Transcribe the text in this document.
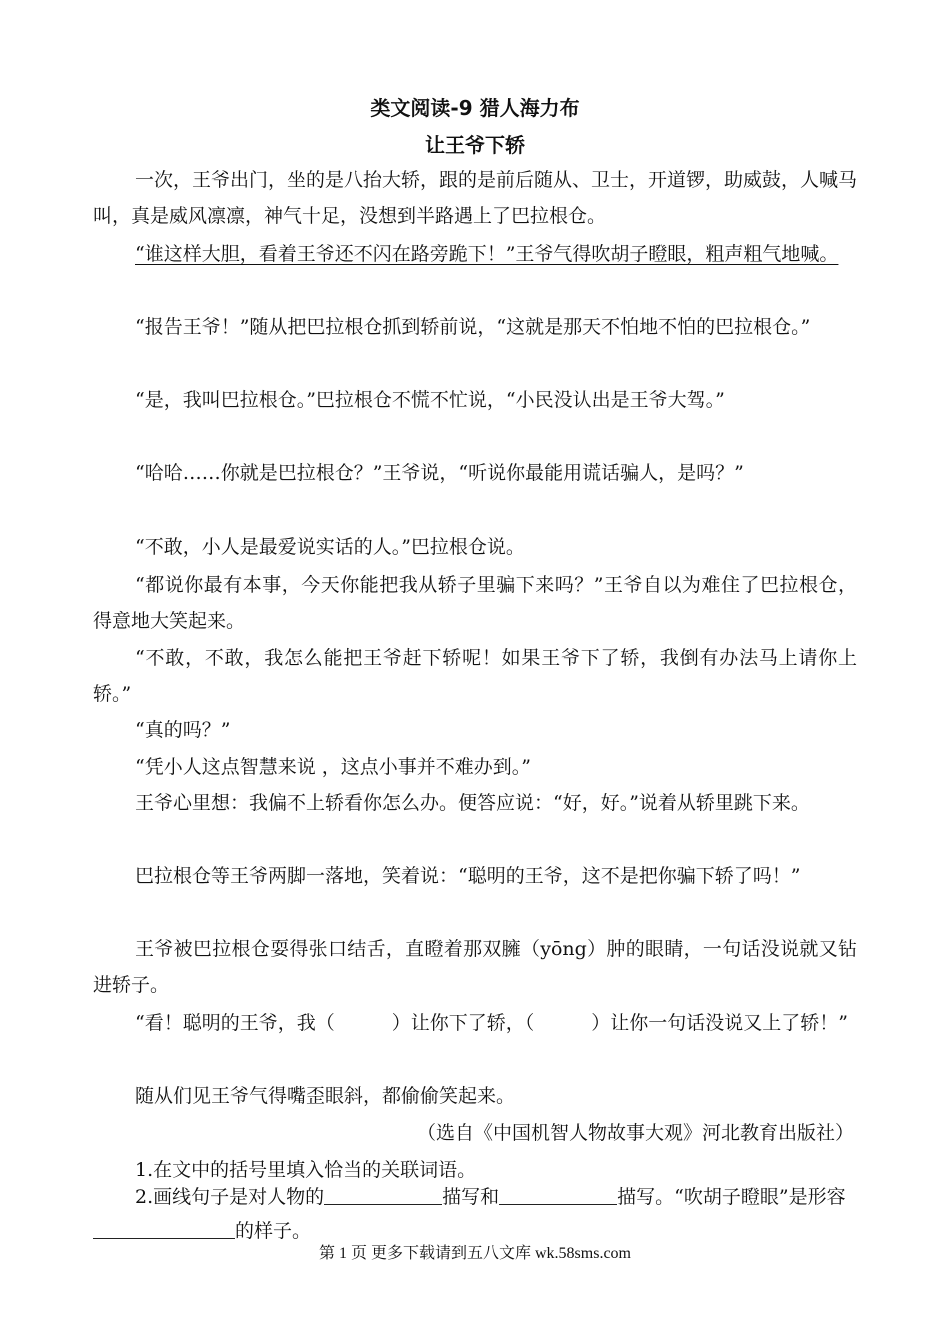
类文阅读-9 猎人海力布
让王爷下轿

一次，王爷出门，坐的是八抬大轿，跟的是前后随从、卫士，开道锣，助威鼓，人喊马叫，真是威风凛凛，神气十足，没想到半路遇上了巴拉根仓。

“谁这样大胆，看着王爷还不闪在路旁跪下！”王爷气得吹胡子瞪眼，粗声粗气地喊。

“报告王爷！”随从把巴拉根仓抓到轿前说，“这就是那天不怕地不怕的巴拉根仓。”

“是，我叫巴拉根仓。”巴拉根仓不慌不忙说，“小民没认出是王爷大驾。”

“哈哈……你就是巴拉根仓？”王爷说，“听说你最能用谎话骗人，是吗？”

“不敢，小人是最爱说实话的人。”巴拉根仓说。

“都说你最有本事，今天你能把我从轿子里骗下来吗？”王爷自以为难住了巴拉根仓，得意地大笑起来。

“不敢，不敢，我怎么能把王爷赶下轿呢！如果王爷下了轿，我倒有办法马上请你上轿。”

“真的吗？”

“凭小人这点智慧来说 ，这点小事并不难办到。”

王爷心里想：我偏不上轿看你怎么办。便答应说：“好，好。”说着从轿里跳下来。

巴拉根仓等王爷两脚一落地，笑着说：“聪明的王爷，这不是把你骗下轿了吗！”

王爷被巴拉根仓耍得张口结舌，直瞪着那双臃（yōng）肿的眼睛，一句话没说就又钻进轿子。

“看！聪明的王爷，我（　　　）让你下了轿，（　　　）让你一句话没说又上了轿！”

随从们见王爷气得嘴歪眼斜，都偷偷笑起来。

（选自《中国机智人物故事大观》河北教育出版社）

1.在文中的括号里填入恰当的关联词语。

2.画线句子是对人物的	描写和	描写。“吹胡子瞪眼”是形容的样子。

第 1 页 更多下载请到五八文库 wk.58sms.com
